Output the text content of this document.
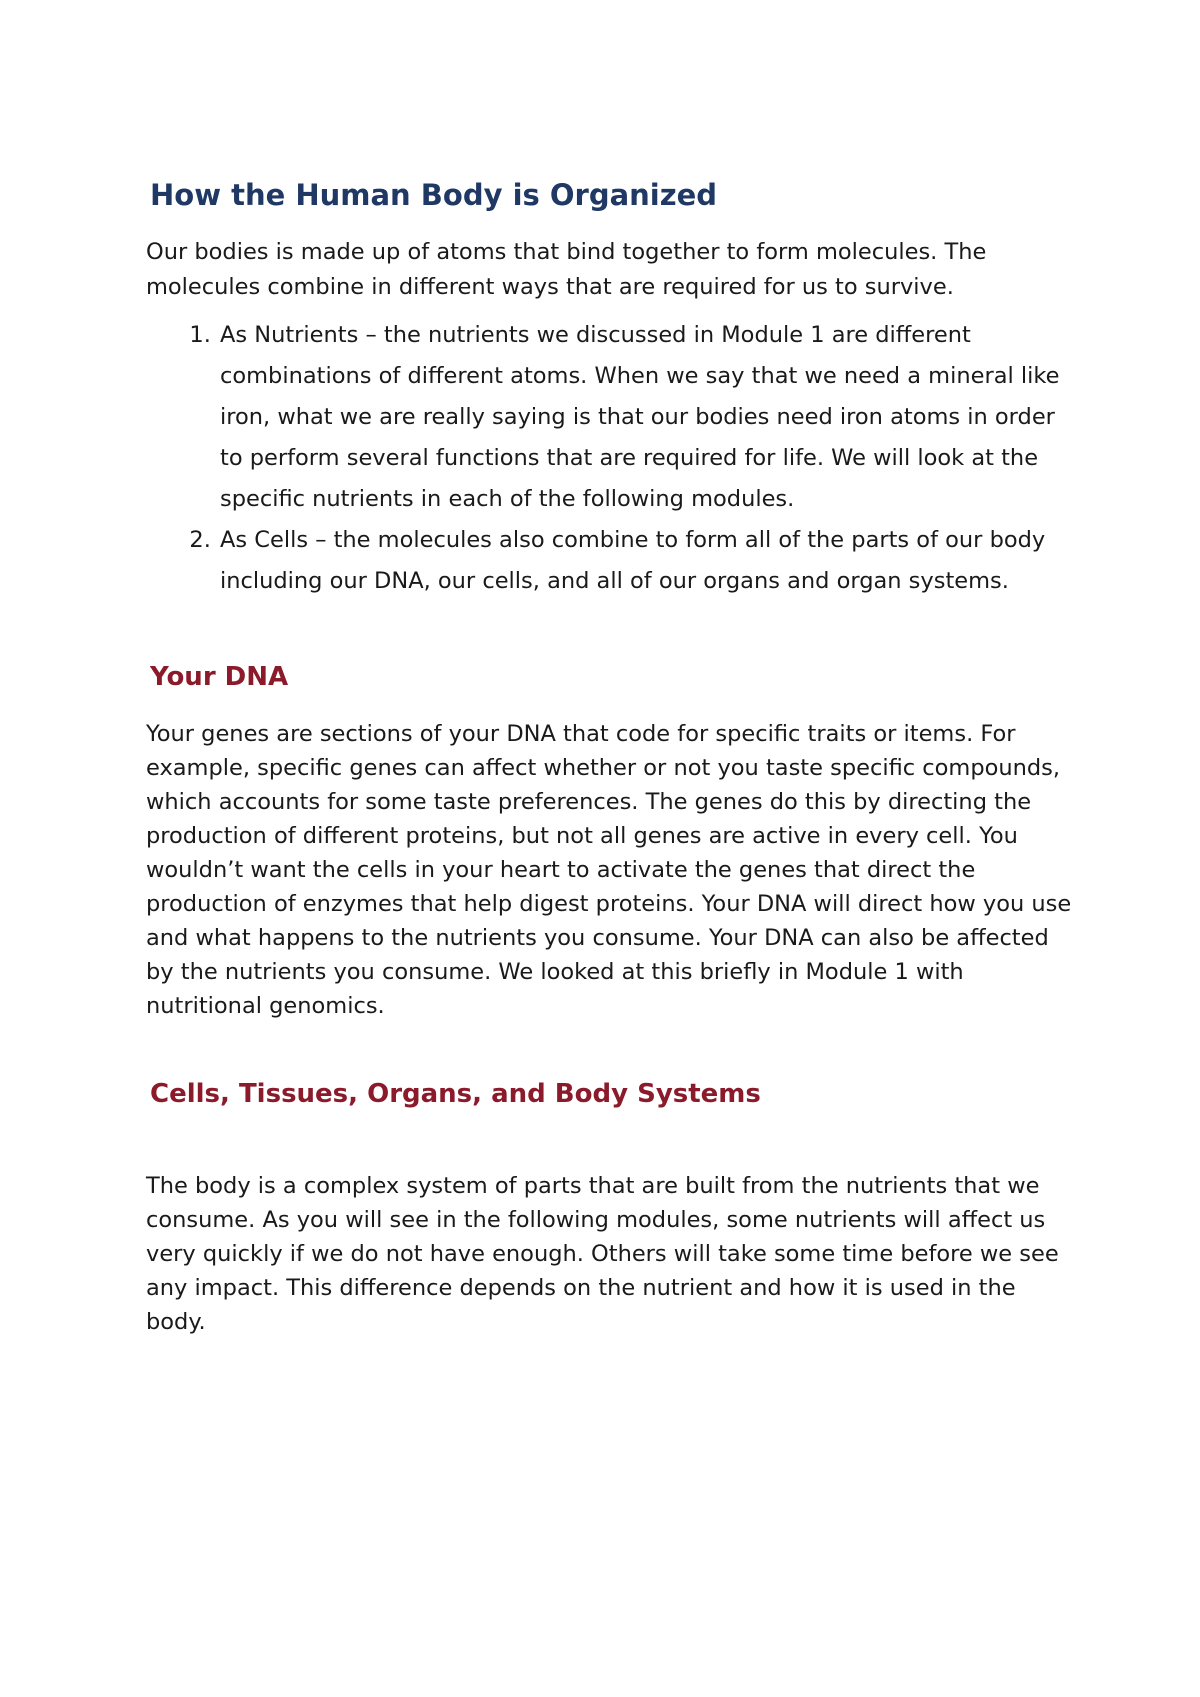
How the Human Body is Organized

Our bodies is made up of atoms that bind together to form molecules. The molecules combine in different ways that are required for us to survive.

1. As Nutrients – the nutrients we discussed in Module 1 are different combinations of different atoms. When we say that we need a mineral like iron, what we are really saying is that our bodies need iron atoms in order to perform several functions that are required for life. We will look at the specific nutrients in each of the following modules.
2. As Cells – the molecules also combine to form all of the parts of our body including our DNA, our cells, and all of our organs and organ systems.
Your DNA

Your genes are sections of your DNA that code for specific traits or items. For example, specific genes can affect whether or not you taste specific compounds, which accounts for some taste preferences. The genes do this by directing the production of different proteins, but not all genes are active in every cell. You wouldn’t want the cells in your heart to activate the genes that direct the production of enzymes that help digest proteins. Your DNA will direct how you use and what happens to the nutrients you consume. Your DNA can also be affected by the nutrients you consume. We looked at this briefly in Module 1 with nutritional genomics.

Cells, Tissues, Organs, and Body Systems

The body is a complex system of parts that are built from the nutrients that we consume. As you will see in the following modules, some nutrients will affect us very quickly if we do not have enough. Others will take some time before we see any impact. This difference depends on the nutrient and how it is used in the body.
